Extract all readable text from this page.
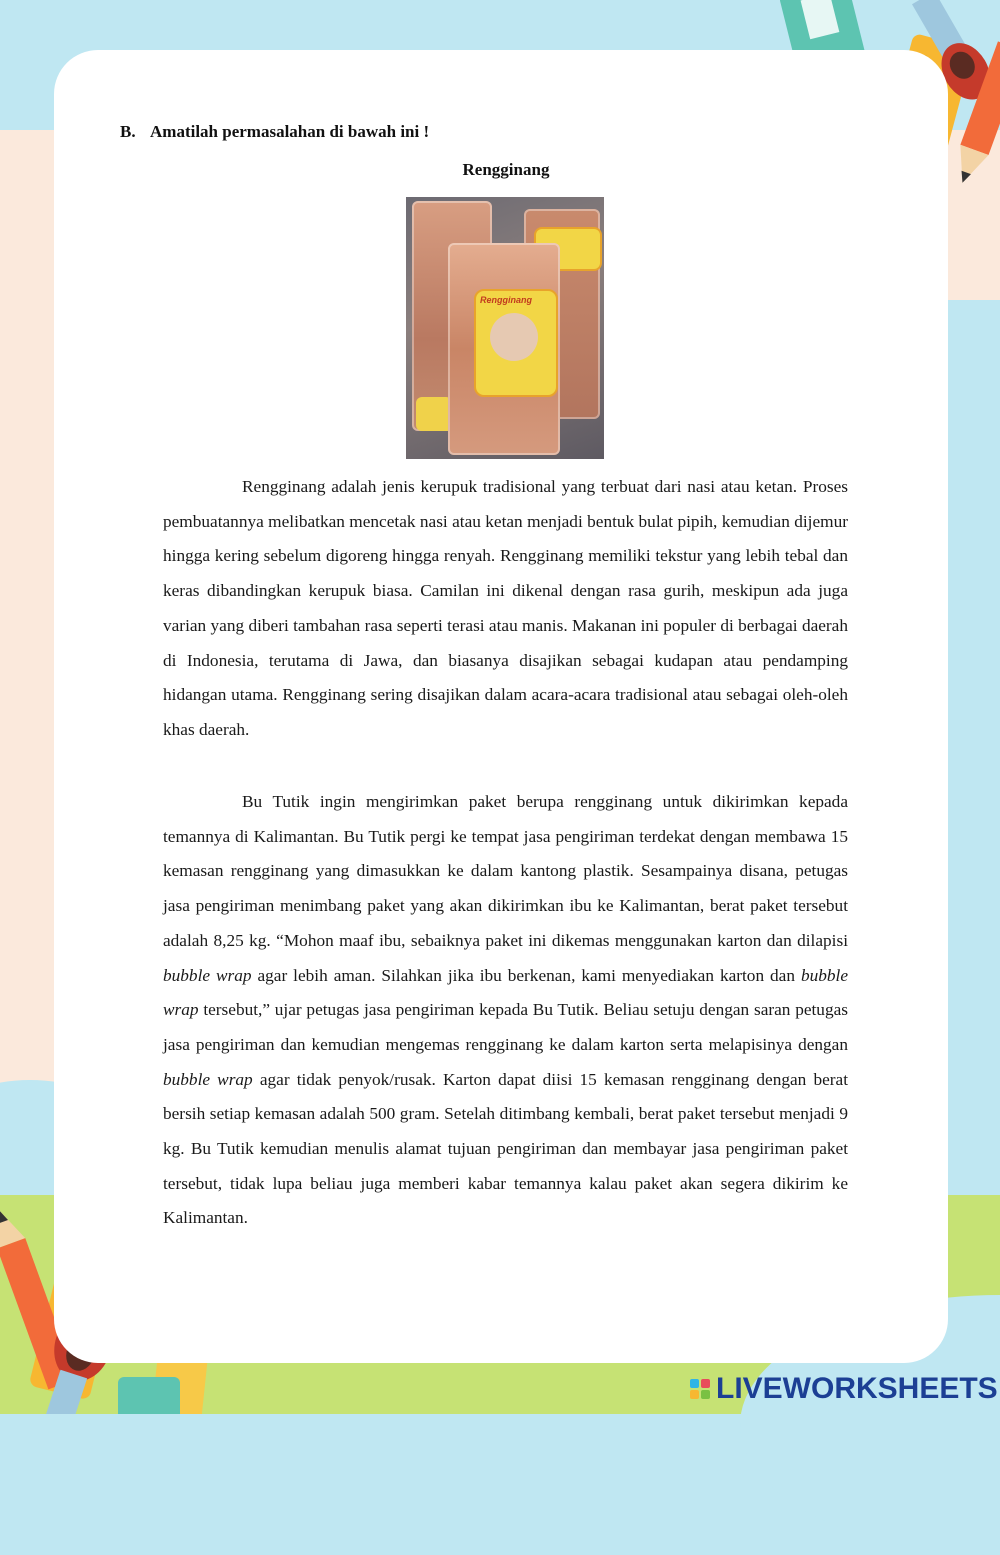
B. Amatilah permasalahan di bawah ini !
Rengginang
Rengginang

Rengginang adalah jenis kerupuk tradisional yang terbuat dari nasi atau ketan. Proses pembuatannya melibatkan mencetak nasi atau ketan menjadi bentuk bulat pipih, kemudian dijemur hingga kering sebelum digoreng hingga renyah. Rengginang memiliki tekstur yang lebih tebal dan keras dibandingkan kerupuk biasa. Camilan ini dikenal dengan rasa gurih, meskipun ada juga varian yang diberi tambahan rasa seperti terasi atau manis. Makanan ini populer di berbagai daerah di Indonesia, terutama di Jawa, dan biasanya disajikan sebagai kudapan atau pendamping hidangan utama. Rengginang sering disajikan dalam acara-acara tradisional atau sebagai oleh-oleh khas daerah.

Bu Tutik ingin mengirimkan paket berupa rengginang untuk dikirimkan kepada temannya di Kalimantan. Bu Tutik pergi ke tempat jasa pengiriman terdekat dengan membawa 15 kemasan rengginang yang dimasukkan ke dalam kantong plastik. Sesampainya disana, petugas jasa pengiriman menimbang paket yang akan dikirimkan ibu ke Kalimantan, berat paket tersebut adalah 8,25 kg. “Mohon maaf ibu, sebaiknya paket ini dikemas menggunakan karton dan dilapisi bubble wrap agar lebih aman. Silahkan jika ibu berkenan, kami menyediakan karton dan bubble wrap tersebut,” ujar petugas jasa pengiriman kepada Bu Tutik. Beliau setuju dengan saran petugas jasa pengiriman dan kemudian mengemas rengginang ke dalam karton serta melapisinya dengan bubble wrap agar tidak penyok/rusak. Karton dapat diisi 15 kemasan rengginang dengan berat bersih setiap kemasan adalah 500 gram. Setelah ditimbang kembali, berat paket tersebut menjadi 9 kg. Bu Tutik kemudian menulis alamat tujuan pengiriman dan membayar jasa pengiriman paket tersebut, tidak lupa beliau juga memberi kabar temannya kalau paket akan segera dikirim ke Kalimantan.

LIVEWORKSHEETS
